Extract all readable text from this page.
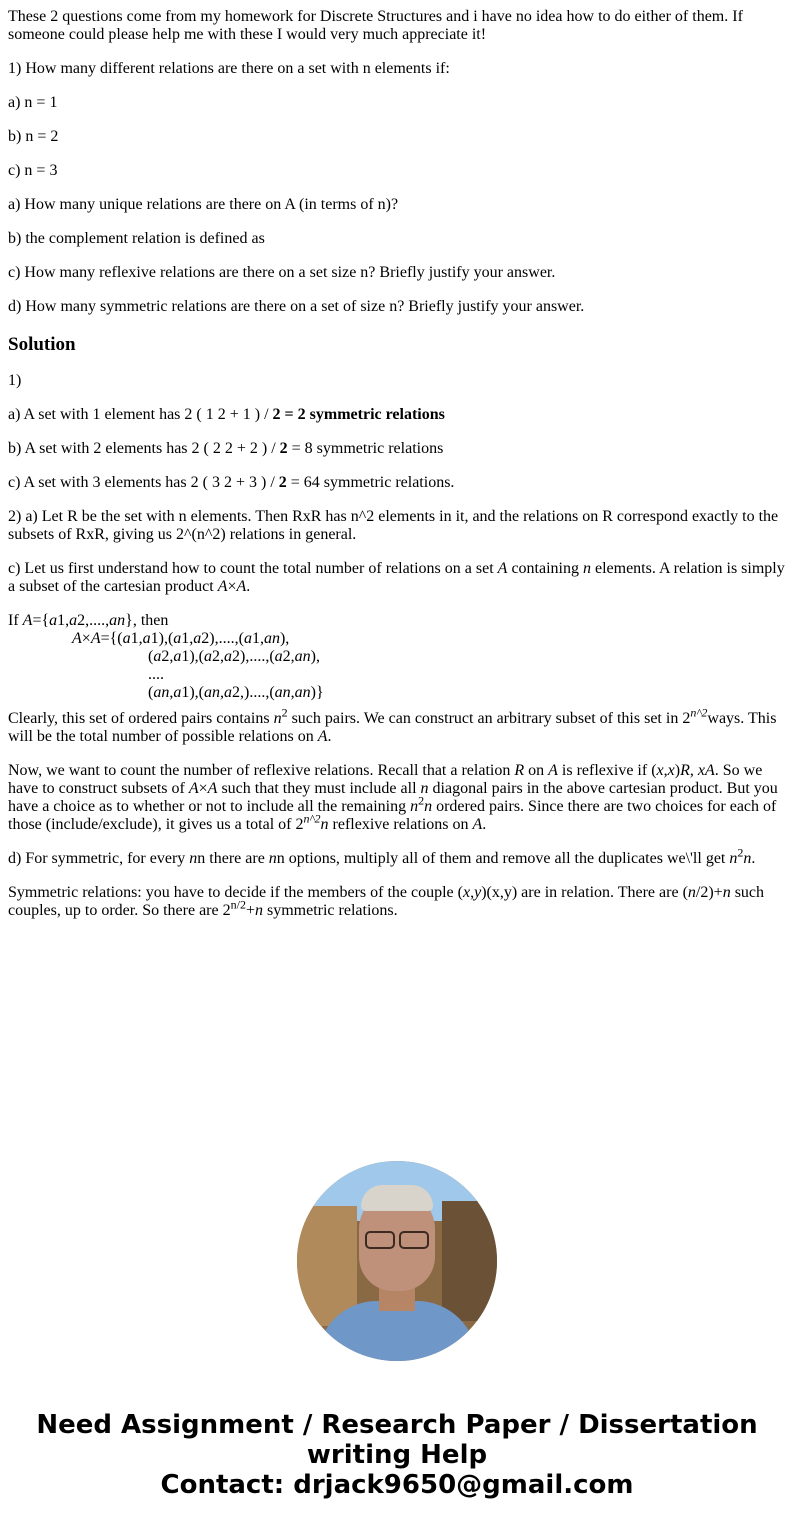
These 2 questions come from my homework for Discrete Structures and i have no idea how to do either of them. If someone could please help me with these I would very much appreciate it!

1) How many different relations are there on a set with n elements if:

a) n = 1

b) n = 2

c) n = 3

a) How many unique relations are there on A (in terms of n)?

b) the complement relation is defined as

c) How many reflexive relations are there on a set size n? Briefly justify your answer.

d) How many symmetric relations are there on a set of size n? Briefly justify your answer.

Solution

1)

a) A set with 1 element has 2 ( 1 2 + 1 ) / 2 = 2 symmetric relations

b) A set with 2 elements has 2 ( 2 2 + 2 ) / 2 = 8 symmetric relations

c) A set with 3 elements has 2 ( 3 2 + 3 ) / 2 = 64 symmetric relations.

2) a) Let R be the set with n elements. Then RxR has n^2 elements in it, and the relations on R correspond exactly to the subsets of RxR, giving us 2^(n^2) relations in general.

c) Let us first understand how to count the total number of relations on a set A containing n elements. A relation is simply a subset of the cartesian product A×A.

If A={a1,a2,....,an}, then
A×A={(a1,a1),(a1,a2),....,(a1,an),
(a2,a1),(a2,a2),....,(a2,an),
....
(an,a1),(an,a2,)....,(an,an)}

Clearly, this set of ordered pairs contains $n^2$ such pairs. We can construct an arbitrary subset of this set in $2^{n\^{}2}ways$. This will be the total number of possible relations on A.

Now, we want to count the number of reflexive relations. Recall that a relation R on A is reflexive if (x,x)R, xA. So we have to construct subsets of A×A such that they must include all n diagonal pairs in the above cartesian product. But you have a choice as to whether or not to include all the remaining $n^2n$ ordered pairs. Since there are two choices for each of those (include/exclude), it gives us a total of $2^{n\^{}2}n$ reflexive relations on A.

d) For symmetric, for every nn there are nn options, multiply all of them and remove all the duplicates we\'ll get $n^2n$.

Symmetric relations: you have to decide if the members of the couple (x,y)(x,y) are in relation. There are (n/2)+n such couples, up to order. So there are $2^{n/2}+n$ symmetric relations.

Need Assignment / Research Paper / Dissertation
writing Help
Contact: drjack9650@gmail.com
